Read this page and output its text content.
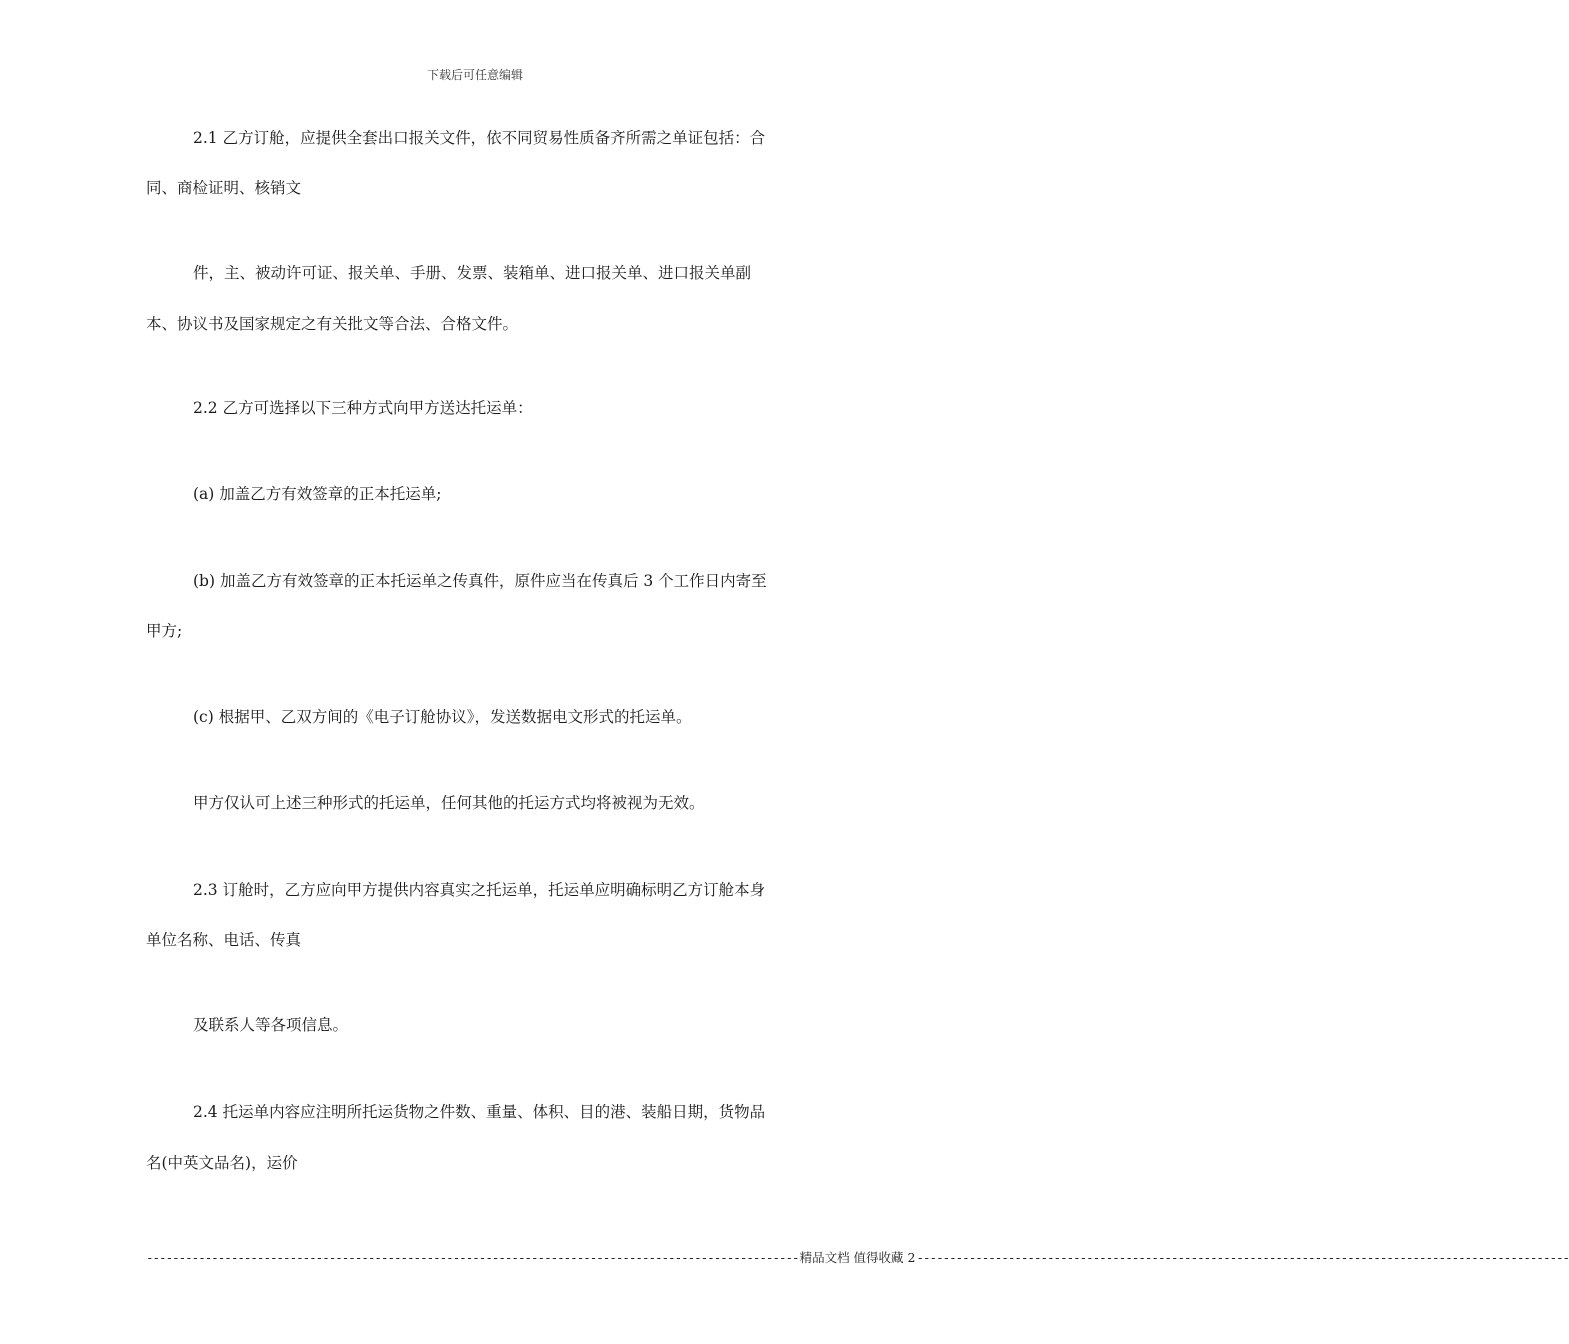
下载后可任意编辑
2.1 乙方订舱，应提供全套出口报关文件，依不同贸易性质备齐所需之单证包括：合
同、商检证明、核销文
件，主、被动许可证、报关单、手册、发票、装箱单、进口报关单、进口报关单副
本、协议书及国家规定之有关批文等合法、合格文件。
2.2 乙方可选择以下三种方式向甲方送达托运单：
(a) 加盖乙方有效签章的正本托运单;
(b) 加盖乙方有效签章的正本托运单之传真件，原件应当在传真后 3 个工作日内寄至
甲方;
(c) 根据甲、乙双方间的《电子订舱协议》，发送数据电文形式的托运单。
甲方仅认可上述三种形式的托运单，任何其他的托运方式均将被视为无效。
2.3 订舱时，乙方应向甲方提供内容真实之托运单，托运单应明确标明乙方订舱本身
单位名称、电话、传真
及联系人等各项信息。
2.4 托运单内容应注明所托运货物之件数、重量、体积、目的港、装船日期，货物品
名(中英文品名)，运价
---------------------------------------------------------------------------------------------------- 精品文档 值得收藏 2 ----------------------------------------------------------------------------------------------------
